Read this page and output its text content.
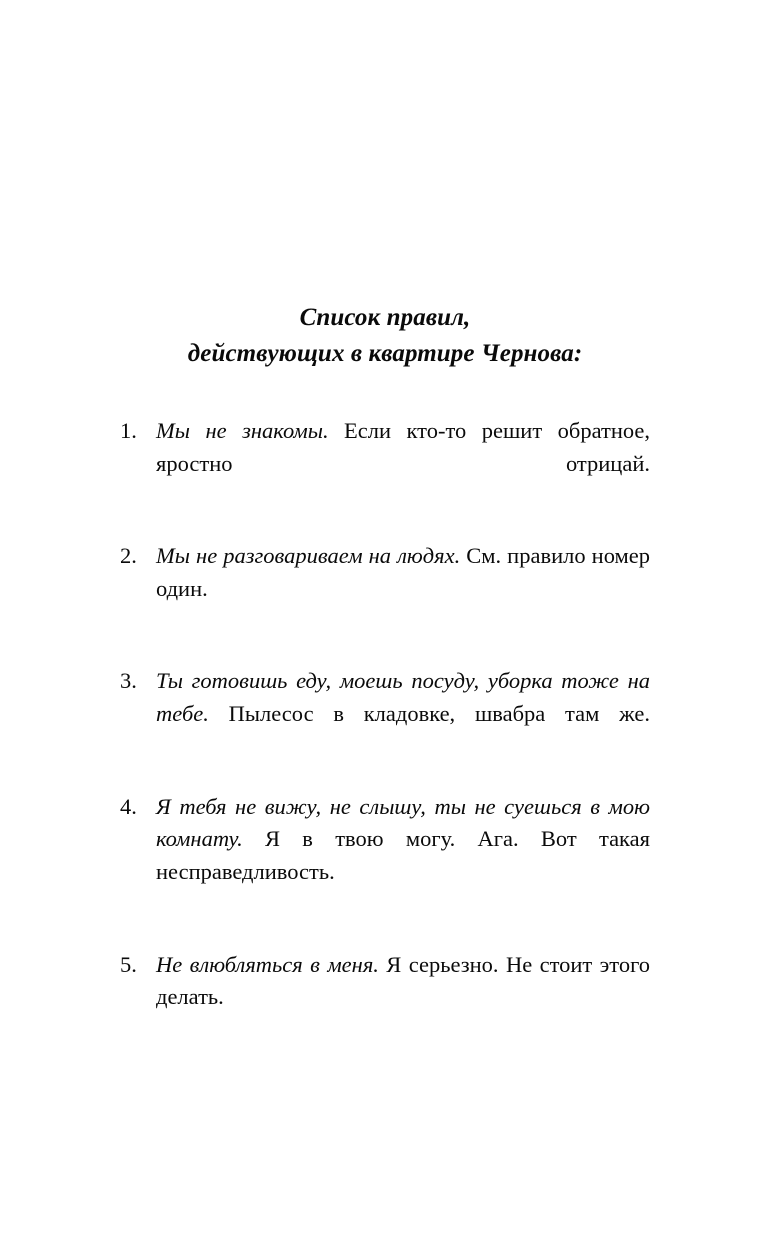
Список правил,
действующих в квартире Чернова:
1. Мы не знакомы. Если кто-то решит обратное, яростно отрицай.
2. Мы не разговариваем на людях. См. правило номер один.
3. Ты готовишь еду, моешь посуду, уборка тоже на тебе. Пылесос в кладовке, швабра там же.
4. Я тебя не вижу, не слышу, ты не суешься в мою комнату. Я в твою могу. Ага. Вот такая несправедливость.
5. Не влюбляться в меня. Я серьезно. Не стоит этого делать.
